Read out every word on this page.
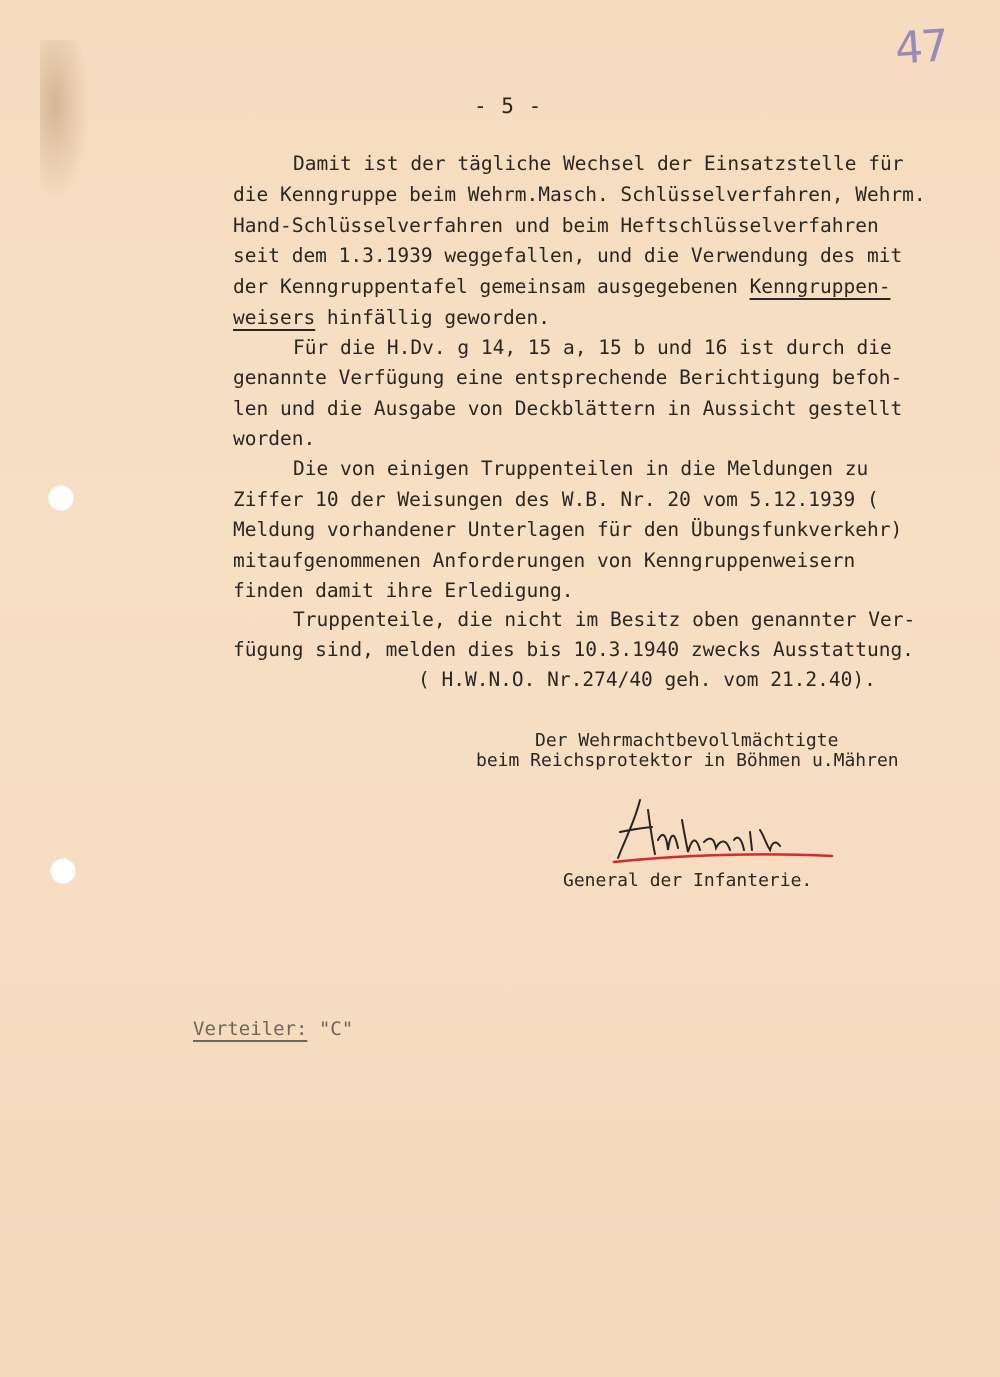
47
- 5 -
Damit ist der tägliche Wechsel der Einsatzstelle für
die Kenngruppe beim Wehrm.Masch. Schlüsselverfahren, Wehrm.
Hand-Schlüsselverfahren und beim Heftschlüsselverfahren
seit dem 1.3.1939 weggefallen, und die Verwendung des mit
der Kenngruppentafel gemeinsam ausgegebenen Kenngruppen-
weisers hinfällig geworden.
Für die H.Dv. g 14, 15 a, 15 b und 16 ist durch die
genannte Verfügung eine entsprechende Berichtigung befoh-
len und die Ausgabe von Deckblättern in Aussicht gestellt
worden.
Die von einigen Truppenteilen in die Meldungen zu
Ziffer 10 der Weisungen des W.B. Nr. 20 vom 5.12.1939 (
Meldung vorhandener Unterlagen für den Übungsfunkverkehr)
mitaufgenommenen Anforderungen von Kenngruppenweisern
finden damit ihre Erledigung.
Truppenteile, die nicht im Besitz oben genannter Ver-
fügung sind, melden dies bis 10.3.1940 zwecks Ausstattung.
( H.W.N.O. Nr.274/40 geh. vom 21.2.40).
Der Wehrmachtbevollmächtigte
beim Reichsprotektor in Böhmen u.Mähren
General der Infanterie.
Verteiler: "C"
